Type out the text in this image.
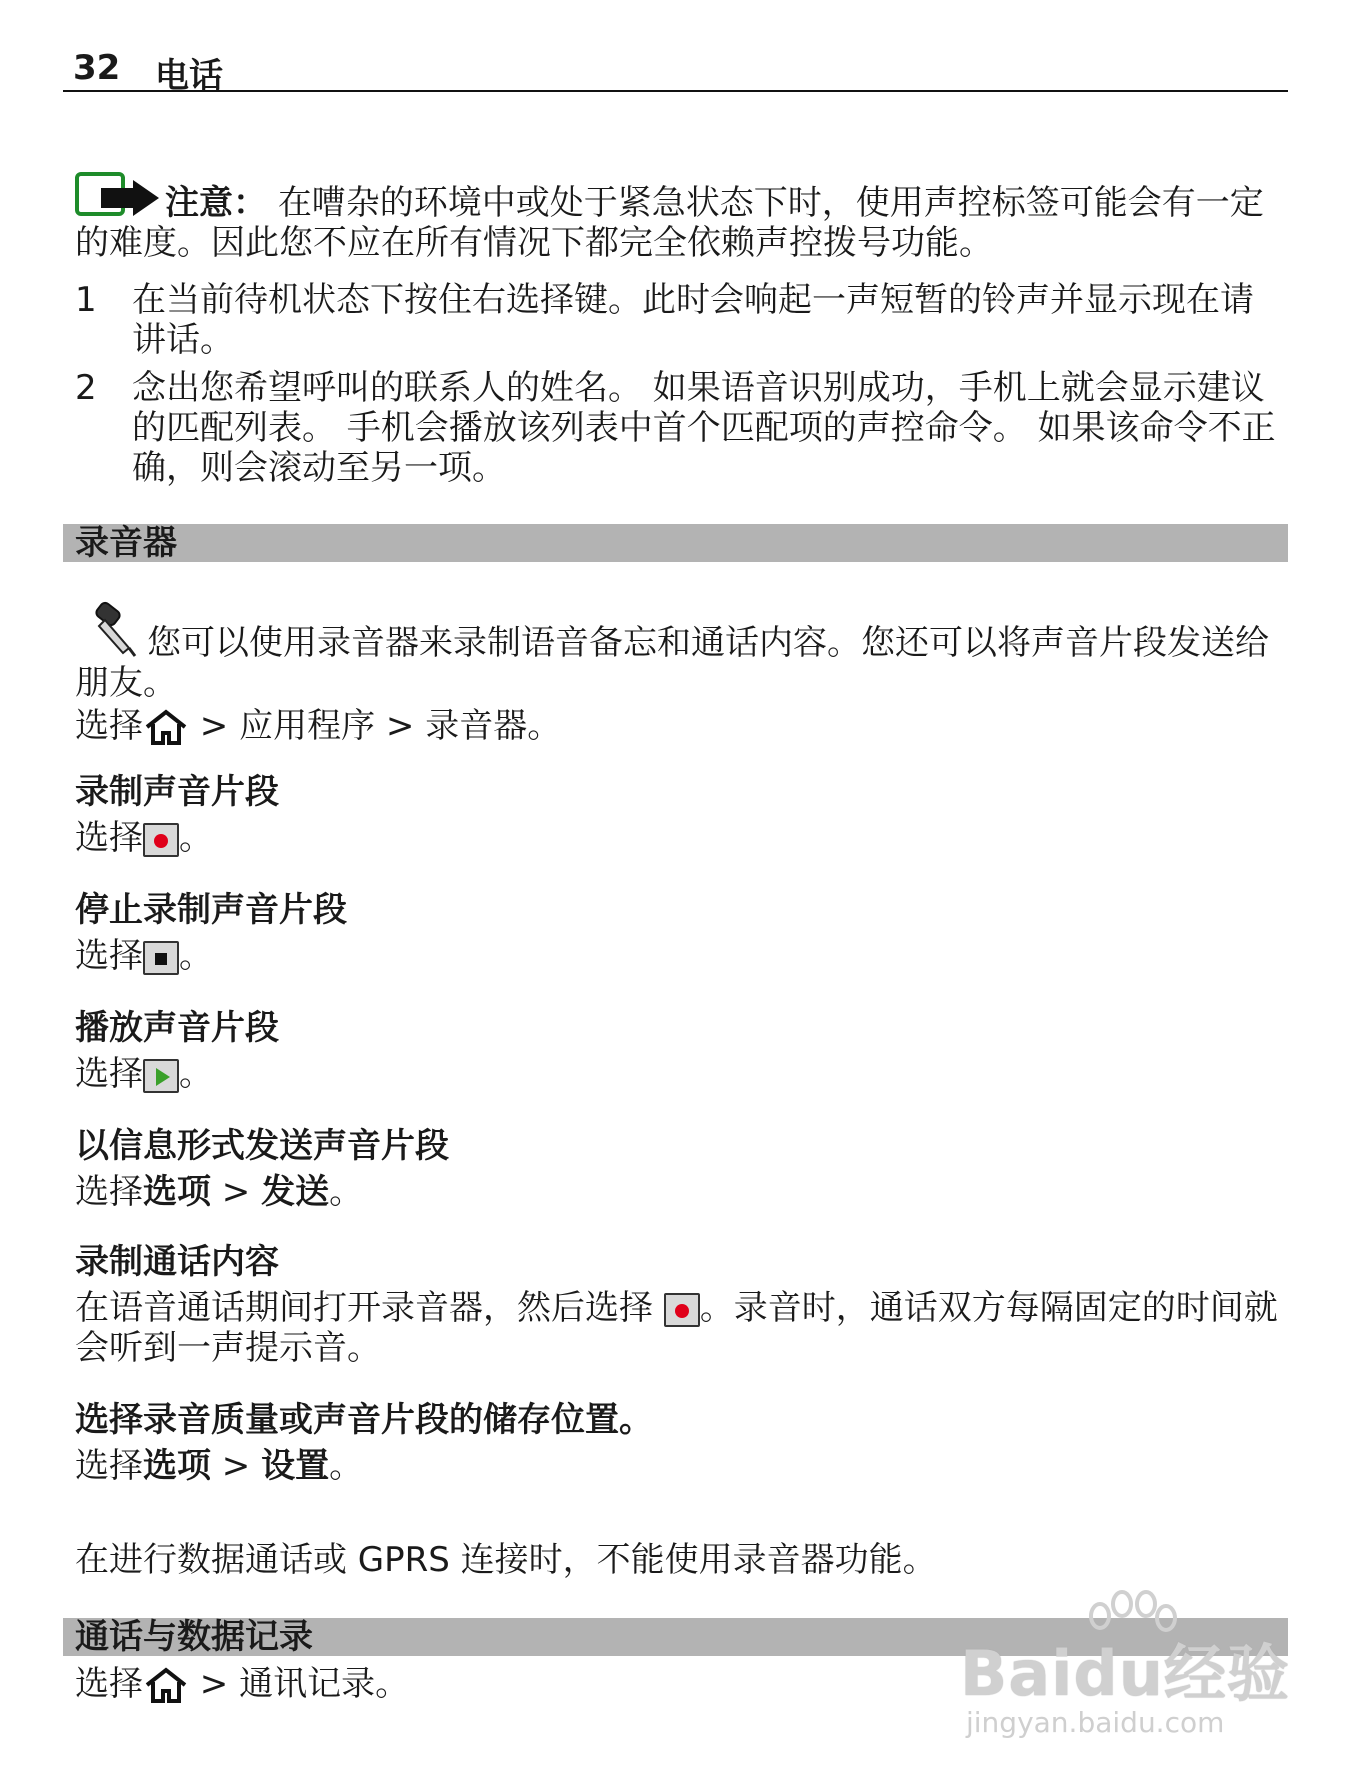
32 电话
注意： 在嘈杂的环境中或处于紧急状态下时，使用声控标签可能会有一定的难度。因此您不应在所有情况下都完全依赖声控拨号功能。
1 在当前待机状态下按住右选择键。此时会响起一声短暂的铃声并显示现在请讲话。
2 念出您希望呼叫的联系人的姓名。 如果语音识别成功，手机上就会显示建议的匹配列表。 手机会播放该列表中首个匹配项的声控命令。 如果该命令不正确，则会滚动至另一项。
录音器
您可以使用录音器来录制语音备忘和通话内容。您还可以将声音片段发送给朋友。
选择 > 应用程序 > 录音器。
录制声音片段
选择 。
停止录制声音片段
选择 。
播放声音片段
选择 。
以信息形式发送声音片段
选择选项 > 发送。
录制通话内容
在语音通话期间打开录音器，然后选择
。录音时，通话双方每隔固定的时间就会听到一声提示音。
选择录音质量或声音片段的储存位置。
选择选项 > 设置。
在进行数据通话或 GPRS 连接时，不能使用录音器功能。
通话与数据记录
选择 > 通讯记录。	Baidu经验
jingyan.baidu.com
